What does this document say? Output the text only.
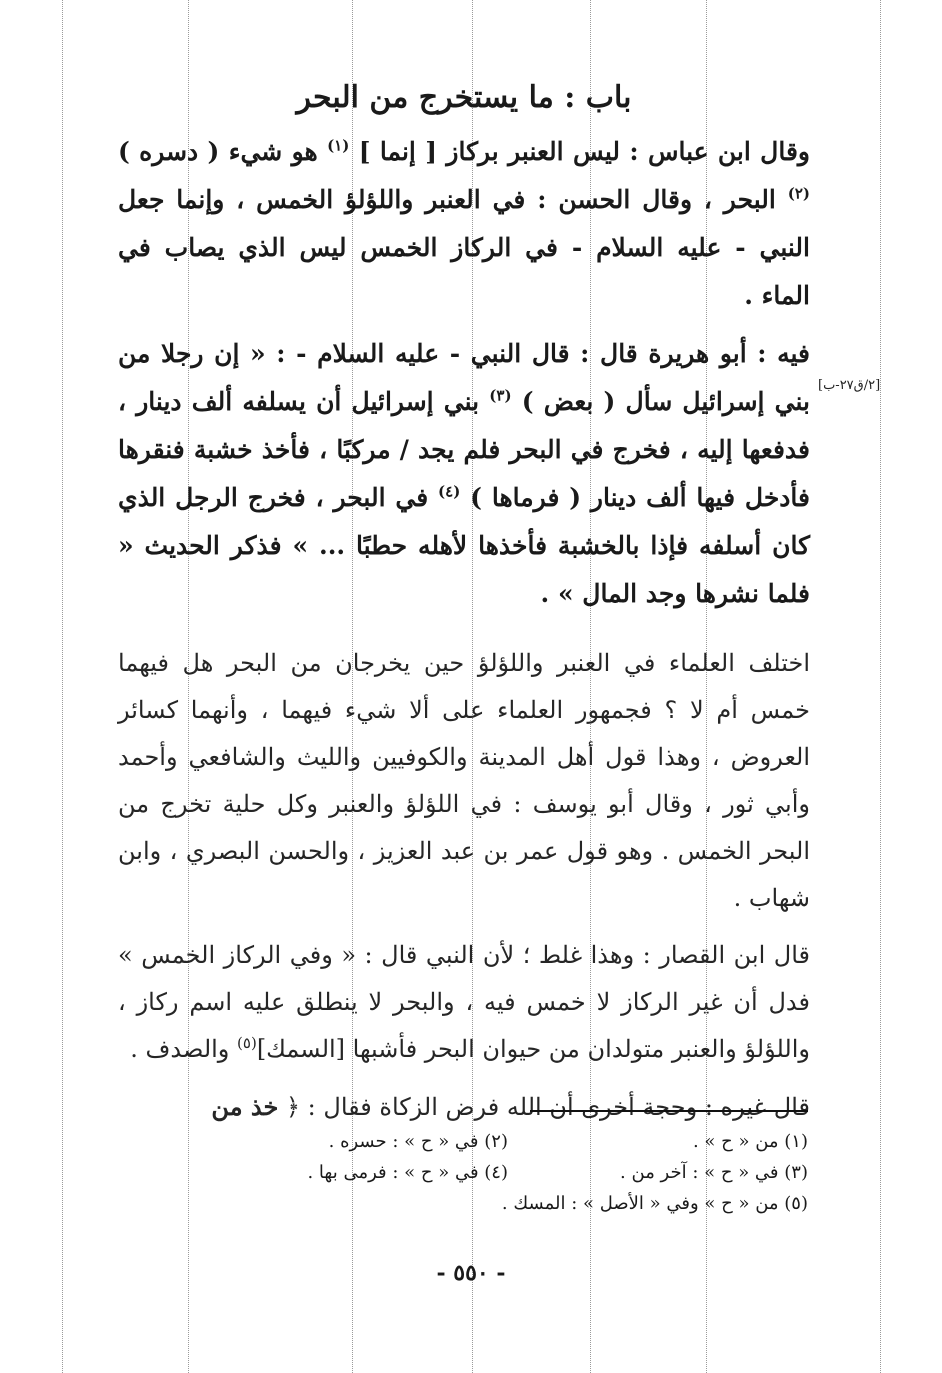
باب : ما يستخرج من البحر

وقال ابن عباس : ليس العنبر بركاز [ إنما ] $^{(١)}$ هو شيء ( دسره )$^{(٢)}$ البحر ، وقال الحسن : في العنبر واللؤلؤ الخمس ، وإنما جعل النبي - عليه السلام - في الركاز الخمس ليس الذي يصاب في الماء .

فيه : أبو هريرة قال : قال النبي - عليه السلام - : « إن رجلا من بني إسرائيل سأل ( بعض ) $^{(٣)}$ بني إسرائيل أن يسلفه ألف دينار ، فدفعها إليه ، فخرج في البحر فلم يجد / مركبًا ، فأخذ خشبة فنقرها فأدخل فيها ألف دينار ( فرماها ) $^{(٤)}$ في البحر ، فخرج الرجل الذي كان أسلفه فإذا بالخشبة فأخذها لأهله حطبًا ... » فذكر الحديث « فلما نشرها وجد المال » .

اختلف العلماء في العنبر واللؤلؤ حين يخرجان من البحر هل فيهما خمس أم لا ؟ فجمهور العلماء على ألا شيء فيهما ، وأنهما كسائر العروض ، وهذا قول أهل المدينة والكوفيين والليث والشافعي وأحمد وأبي ثور ، وقال أبو يوسف : في اللؤلؤ والعنبر وكل حلية تخرج من البحر الخمس . وهو قول عمر بن عبد العزيز ، والحسن البصري ، وابن شهاب .

قال ابن القصار : وهذا غلط ؛ لأن النبي قال : « وفي الركاز الخمس » فدل أن غير الركاز لا خمس فيه ، والبحر لا ينطلق عليه اسم ركاز ، واللؤلؤ والعنبر متولدان من حيوان البحر فأشبها [السمك]$^{(٥)}$ والصدف .

قال غيره : وحجة أخرى أن الله فرض الزكاة فقال : ﴿ خذ من

[٢/ق٢٧-ب]
(١) من « ح » .
(٢) في « ح » : حسره .
(٣) في « ح » : آخر من .
(٤) في « ح » : فرمى بها .
(٥) من « ح » وفي « الأصل » : المسك .
- ٥٥٠ -
